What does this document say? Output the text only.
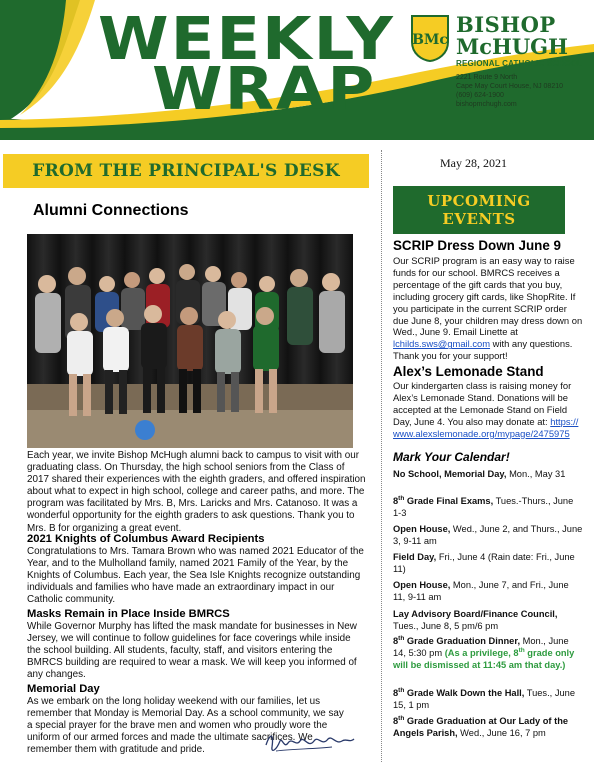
WEEKLY
WRAP
BMc
BISHOP
McHUGH
REGIONAL CATHOLIC SCHOOL
2221 Route 9 North
Cape May Court House, NJ 08210
(609) 624-1900
bishopmchugh.com
FROM THE PRINCIPAL'S DESK
Alumni Connections
Each year, we invite Bishop McHugh alumni back to campus to visit with our graduating class. On Thursday, the high school seniors from the Class of 2017 shared their experiences with the eighth graders, and offered inspiration about what to expect in high school, college and career paths, and more. The program was facilitated by Mrs. B, Mrs. Laricks and Mrs. Catanoso. It was a wonderful opportunity for the eighth graders to ask questions. Thank you to Mrs. B for organizing a great event.
2021 Knights of Columbus Award Recipients
Congratulations to Mrs. Tamara Brown who was named 2021 Educator of the Year, and to the Mulholland family, named 2021 Family of the Year, by the Knights of Columbus. Each year, the Sea Isle Knights recognize outstanding individuals and families who have made an extraordinary impact in our Catholic community.
Masks Remain in Place Inside BMRCS
While Governor Murphy has lifted the mask mandate for businesses in New Jersey, we will continue to follow guidelines for face coverings while inside the school building. All students, faculty, staff, and visitors entering the BMRCS building are required to wear a mask. We will keep you informed of any changes.
Memorial Day
As we embark on the long holiday weekend with our families, let us remember that Monday is Memorial Day. As a school community, we say a special prayer for the brave men and women who proudly wore the uniform of our armed forces and made the ultimate sacrifices. We remember them with gratitude and pride.
May 28, 2021
UPCOMING
EVENTS
SCRIP Dress Down June 9
Our SCRIP program is an easy way to raise funds for our school. BMRCS receives a percentage of the gift cards that you buy, including grocery gift cards, like ShopRite. If you participate in the current SCRIP order due June 8, your children may dress down on Wed., June 9. Email Linette at lchilds.sws@gmail.com with any questions. Thank you for your support!
Alex’s Lemonade Stand
Our kindergarten class is raising money for Alex’s Lemonade Stand. Donations will be accepted at the Lemonade Stand on Field Day, June 4. You also may donate at: https://www.alexslemonade.org/mypage/2475975
Mark Your Calendar!
No School, Memorial Day, Mon., May 31
8th Grade Final Exams, Tues.-Thurs., June 1-3
Open House, Wed., June 2, and Thurs., June 3, 9-11 am
Field Day, Fri., June 4 (Rain date: Fri., June 11)
Open House, Mon., June 7, and Fri., June 11, 9-11 am
Lay Advisory Board/Finance Council, Tues., June 8, 5 pm/6 pm
8th Grade Graduation Dinner, Mon., June 14, 5:30 pm (As a privilege, 8th grade only will be dismissed at 11:45 am that day.)
8th Grade Walk Down the Hall, Tues., June 15, 1 pm
8th Grade Graduation at Our Lady of the Angels Parish, Wed., June 16, 7 pm
